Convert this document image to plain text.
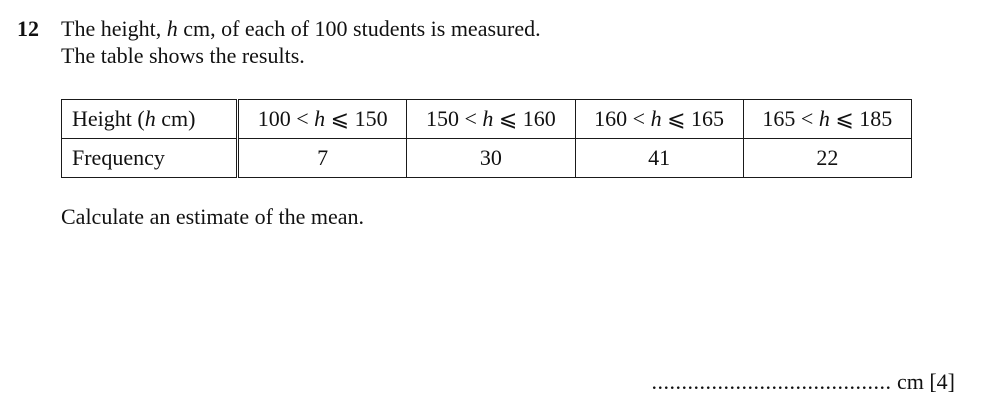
12 The height, h cm, of each of 100 students is measured.
The table shows the results.
Height (h cm)	100 < h ⩽ 150	150 < h ⩽ 160	160 < h ⩽ 165	165 < h ⩽ 185
Frequency	7	30	41	22
Calculate an estimate of the mean.
........................................ cm [4]
